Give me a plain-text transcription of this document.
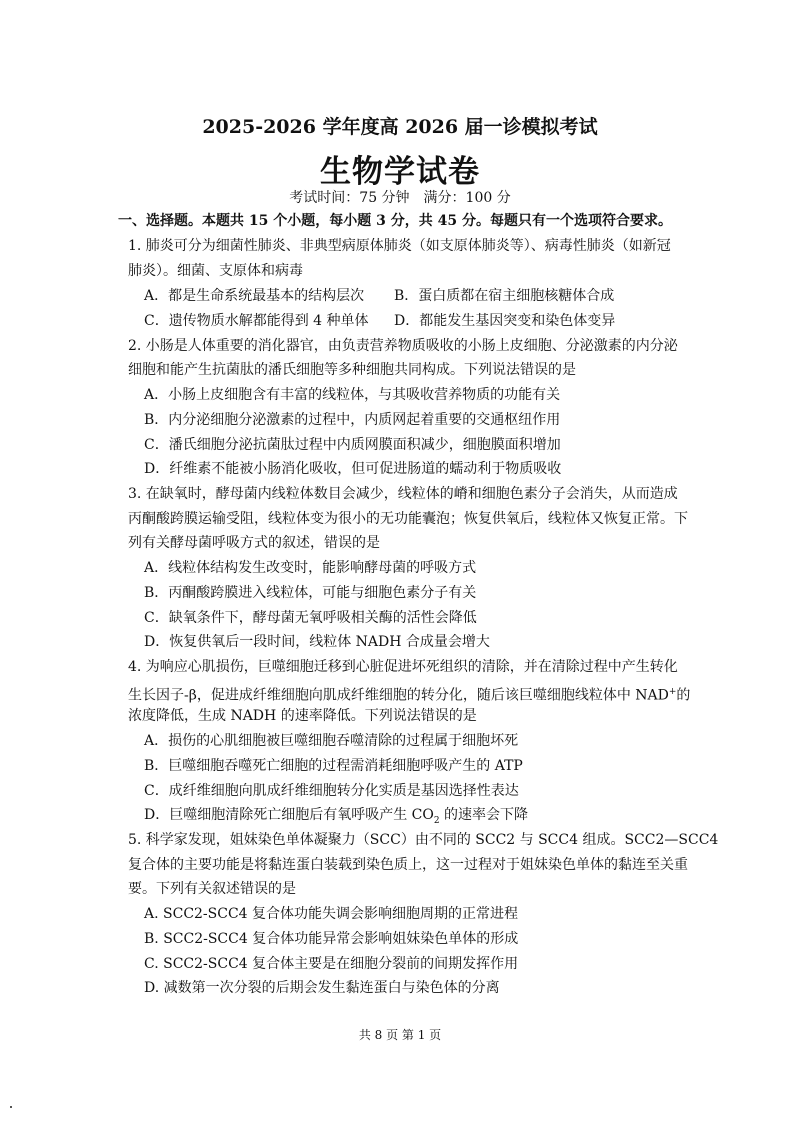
2025-2026 学年度高 2026 届一诊模拟考试
生物学试卷
考试时间：75 分钟　满分：100 分
一、选择题。本题共 15 个小题，每小题 3 分，共 45 分。每题只有一个选项符合要求。
1. 肺炎可分为细菌性肺炎、非典型病原体肺炎（如支原体肺炎等）、病毒性肺炎（如新冠
肺炎）。细菌、支原体和病毒
A．都是生命系统最基本的结构层次 B．蛋白质都在宿主细胞核糖体合成
C．遗传物质水解都能得到 4 种单体 D．都能发生基因突变和染色体变异
2. 小肠是人体重要的消化器官，由负责营养物质吸收的小肠上皮细胞、分泌激素的内分泌
细胞和能产生抗菌肽的潘氏细胞等多种细胞共同构成。下列说法错误的是
A．小肠上皮细胞含有丰富的线粒体，与其吸收营养物质的功能有关
B．内分泌细胞分泌激素的过程中，内质网起着重要的交通枢纽作用
C．潘氏细胞分泌抗菌肽过程中内质网膜面积减少，细胞膜面积增加
D．纤维素不能被小肠消化吸收，但可促进肠道的蠕动利于物质吸收
3. 在缺氧时，酵母菌内线粒体数目会减少，线粒体的嵴和细胞色素分子会消失，从而造成
丙酮酸跨膜运输受阻，线粒体变为很小的无功能囊泡；恢复供氧后，线粒体又恢复正常。下
列有关酵母菌呼吸方式的叙述，错误的是
A．线粒体结构发生改变时，能影响酵母菌的呼吸方式
B．丙酮酸跨膜进入线粒体，可能与细胞色素分子有关
C．缺氧条件下，酵母菌无氧呼吸相关酶的活性会降低
D．恢复供氧后一段时间，线粒体 NADH 合成量会增大
4. 为响应心肌损伤，巨噬细胞迁移到心脏促进坏死组织的清除，并在清除过程中产生转化
生长因子-β，促进成纤维细胞向肌成纤维细胞的转分化，随后该巨噬细胞线粒体中 NAD+的
浓度降低，生成 NADH 的速率降低。下列说法错误的是
A．损伤的心肌细胞被巨噬细胞吞噬清除的过程属于细胞坏死
B．巨噬细胞吞噬死亡细胞的过程需消耗细胞呼吸产生的 ATP
C．成纤维细胞向肌成纤维细胞转分化实质是基因选择性表达
D．巨噬细胞清除死亡细胞后有氧呼吸产生 $CO_2$ 的速率会下降
5. 科学家发现，姐妹染色单体凝聚力（SCC）由不同的 SCC2 与 SCC4 组成。SCC2—SCC4
复合体的主要功能是将黏连蛋白装载到染色质上，这一过程对于姐妹染色单体的黏连至关重
要。下列有关叙述错误的是
A. SCC2-SCC4 复合体功能失调会影响细胞周期的正常进程
B. SCC2-SCC4 复合体功能异常会影响姐妹染色单体的形成
C. SCC2-SCC4 复合体主要是在细胞分裂前的间期发挥作用
D. 减数第一次分裂的后期会发生黏连蛋白与染色体的分离
共 8 页 第 1 页
